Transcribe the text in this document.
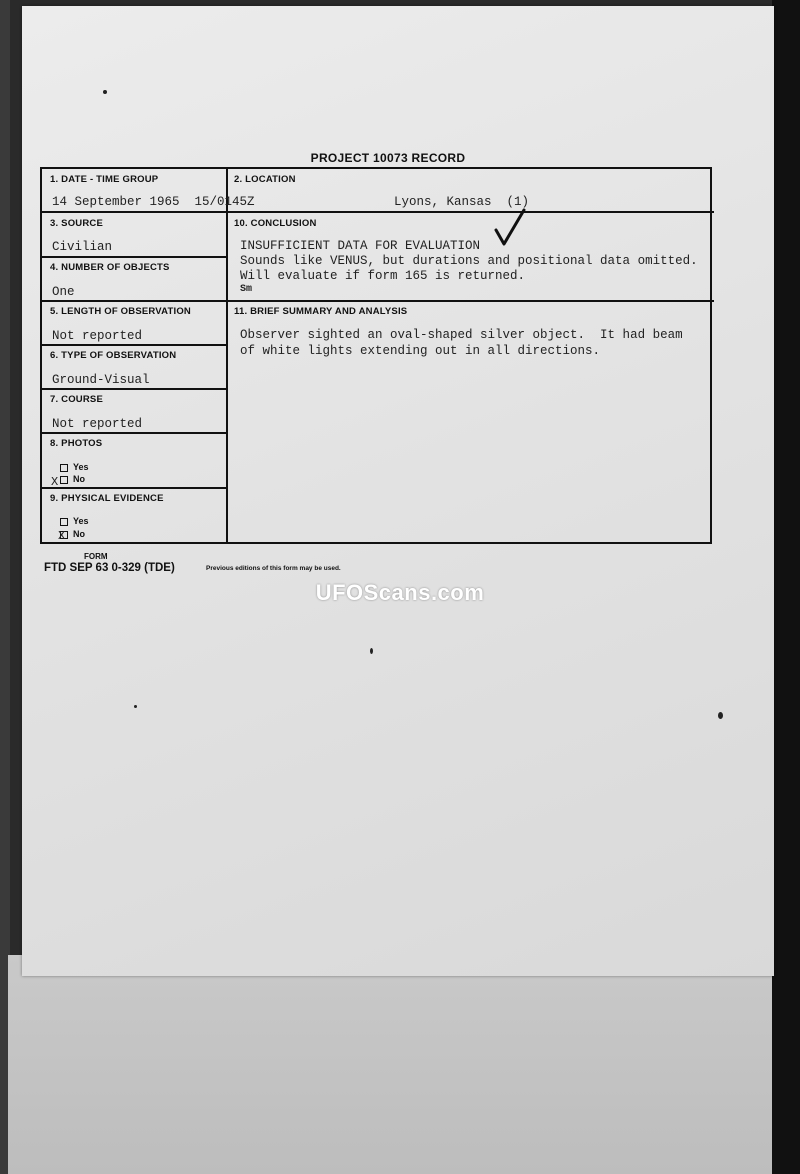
PROJECT 10073 RECORD
1. DATE - TIME GROUP
14 September 1965  15/0145Z
2. LOCATION
Lyons, Kansas  (1)
3. SOURCE
Civilian
4. NUMBER OF OBJECTS
One
10. CONCLUSION
INSUFFICIENT DATA FOR EVALUATION
Sounds like VENUS, but durations and positional data omitted.
Will evaluate if form 165 is returned.
Sm
5. LENGTH OF OBSERVATION
Not reported
11. BRIEF SUMMARY AND ANALYSIS
Observer sighted an oval-shaped silver object.  It had beam
of white lights extending out in all directions.
6. TYPE OF OBSERVATION
Ground-Visual
7. COURSE
Not reported
8. PHOTOS
Yes
No
X
9. PHYSICAL EVIDENCE
Yes
No
X
FORM
FTD SEP 63 0-329 (TDE)	Previous editions of this form may be used.
UFOScans.com
